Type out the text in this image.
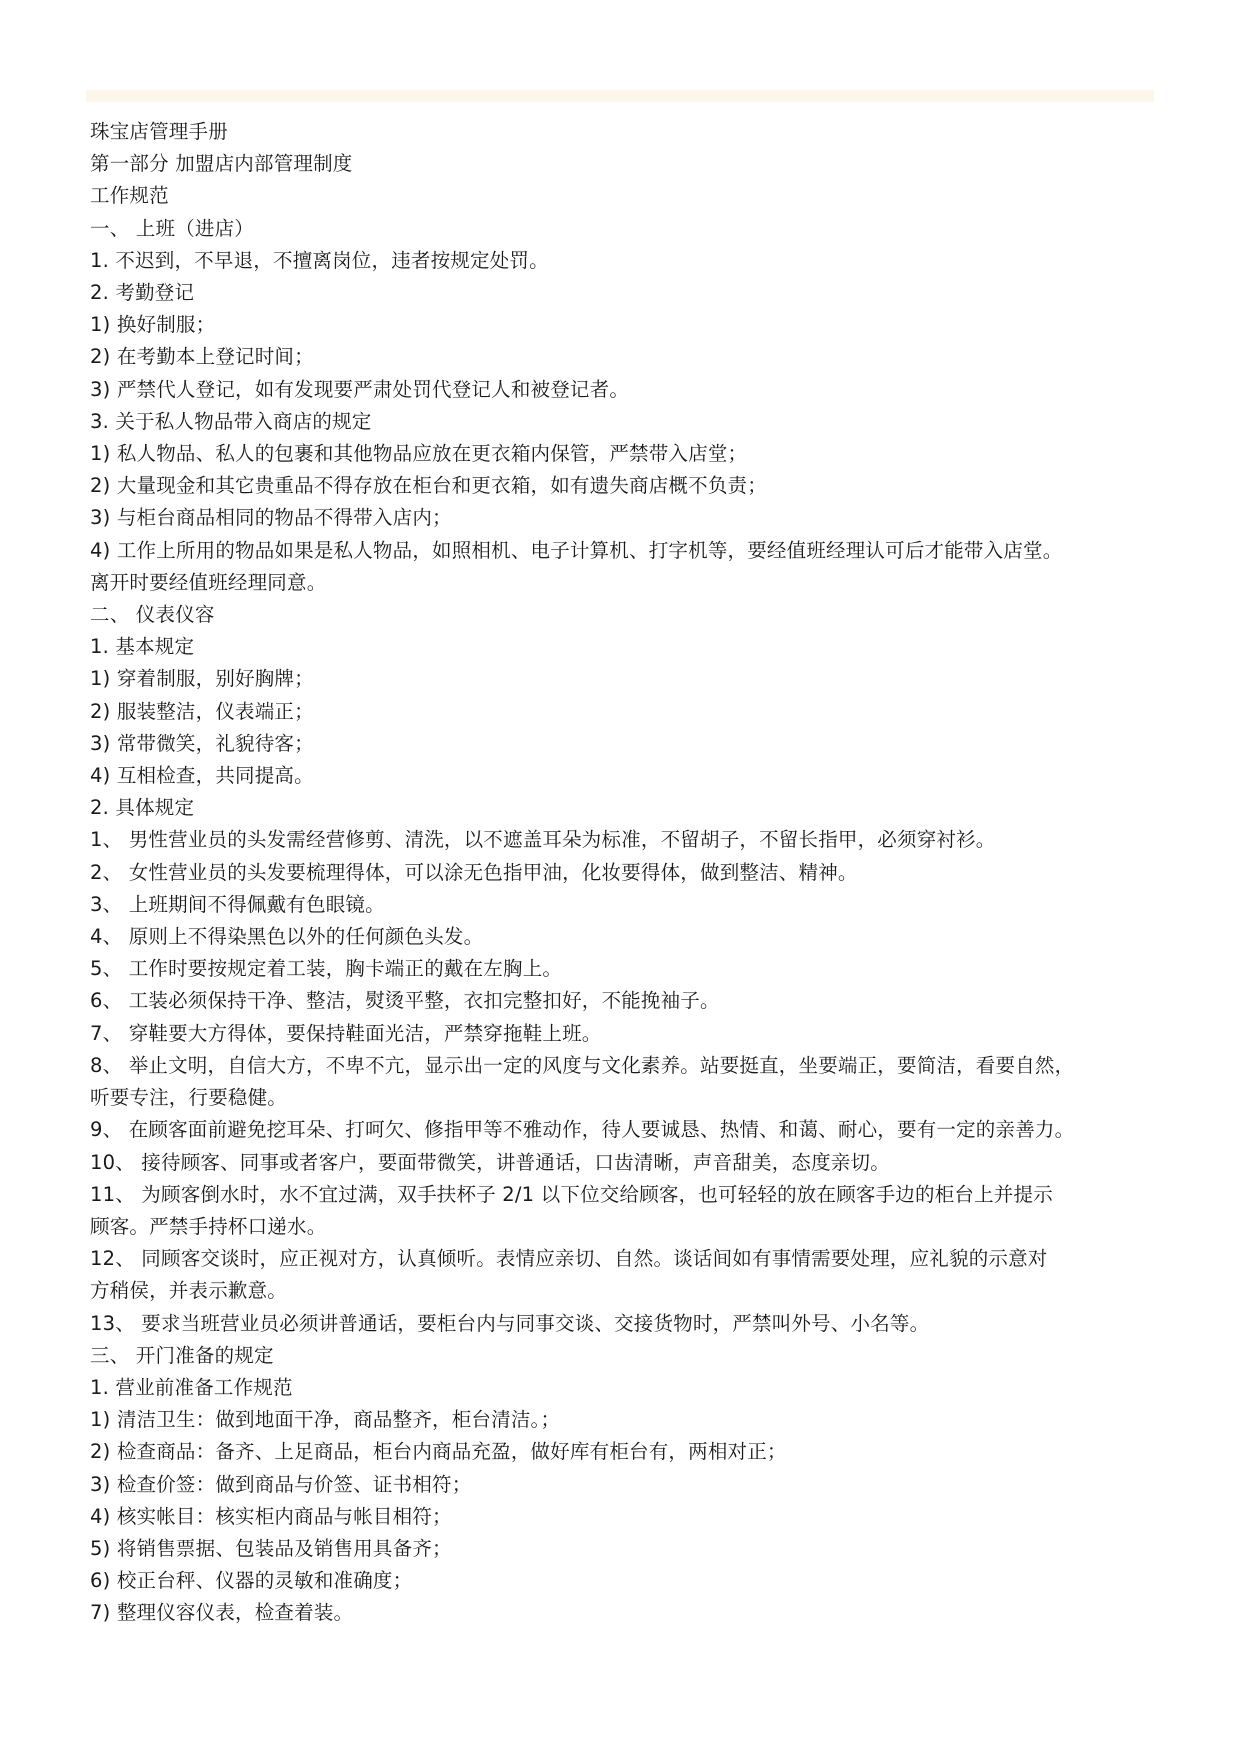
珠宝店管理手册
第一部分 加盟店内部管理制度
工作规范
一、 上班（进店）
1. 不迟到，不早退，不擅离岗位，违者按规定处罚。
2. 考勤登记
1) 换好制服；
2) 在考勤本上登记时间；
3) 严禁代人登记，如有发现要严肃处罚代登记人和被登记者。
3. 关于私人物品带入商店的规定
1) 私人物品、私人的包裹和其他物品应放在更衣箱内保管，严禁带入店堂；
2) 大量现金和其它贵重品不得存放在柜台和更衣箱，如有遗失商店概不负责；
3) 与柜台商品相同的物品不得带入店内；
4) 工作上所用的物品如果是私人物品，如照相机、电子计算机、打字机等，要经值班经理认可后才能带入店堂。
离开时要经值班经理同意。
二、 仪表仪容
1. 基本规定
1) 穿着制服，别好胸牌；
2) 服装整洁，仪表端正；
3) 常带微笑，礼貌待客；
4) 互相检查，共同提高。
2. 具体规定
1、 男性营业员的头发需经营修剪、清洗，以不遮盖耳朵为标准，不留胡子，不留长指甲，必须穿衬衫。
2、 女性营业员的头发要梳理得体，可以涂无色指甲油，化妆要得体，做到整洁、精神。
3、 上班期间不得佩戴有色眼镜。
4、 原则上不得染黑色以外的任何颜色头发。
5、 工作时要按规定着工装，胸卡端正的戴在左胸上。
6、 工装必须保持干净、整洁，熨烫平整，衣扣完整扣好，不能挽袖子。
7、 穿鞋要大方得体，要保持鞋面光洁，严禁穿拖鞋上班。
8、 举止文明，自信大方，不卑不亢，显示出一定的风度与文化素养。站要挺直，坐要端正，要简洁，看要自然，
听要专注，行要稳健。
9、 在顾客面前避免挖耳朵、打呵欠、修指甲等不雅动作，待人要诚恳、热情、和蔼、耐心，要有一定的亲善力。
10、 接待顾客、同事或者客户，要面带微笑，讲普通话，口齿清晰，声音甜美，态度亲切。
11、 为顾客倒水时，水不宜过满，双手扶杯子 2/1 以下位交给顾客，也可轻轻的放在顾客手边的柜台上并提示
顾客。严禁手持杯口递水。
12、 同顾客交谈时，应正视对方，认真倾听。表情应亲切、自然。谈话间如有事情需要处理，应礼貌的示意对
方稍侯，并表示歉意。
13、 要求当班营业员必须讲普通话，要柜台内与同事交谈、交接货物时，严禁叫外号、小名等。
三、 开门准备的规定
1. 营业前准备工作规范
1) 清洁卫生：做到地面干净，商品整齐，柜台清洁。；
2) 检查商品：备齐、上足商品，柜台内商品充盈，做好库有柜台有，两相对正；
3) 检查价签：做到商品与价签、证书相符；
4) 核实帐目：核实柜内商品与帐目相符；
5) 将销售票据、包装品及销售用具备齐；
6) 校正台秤、仪器的灵敏和准确度；
7) 整理仪容仪表，检查着装。
